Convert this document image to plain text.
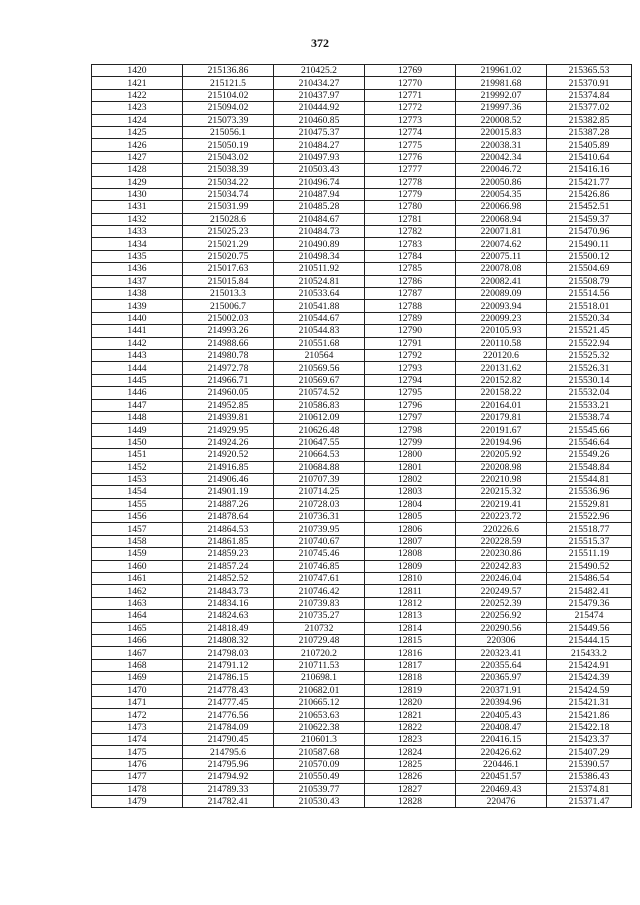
372
1420	215136.86	210425.2	12769	219961.02	215365.53
1421	215121.5	210434.27	12770	219981.68	215370.91
1422	215104.02	210437.97	12771	219992.07	215374.84
1423	215094.02	210444.92	12772	219997.36	215377.02
1424	215073.39	210460.85	12773	220008.52	215382.85
1425	215056.1	210475.37	12774	220015.83	215387.28
1426	215050.19	210484.27	12775	220038.31	215405.89
1427	215043.02	210497.93	12776	220042.34	215410.64
1428	215038.39	210503.43	12777	220046.72	215416.16
1429	215034.22	210496.74	12778	220050.86	215421.77
1430	215034.74	210487.94	12779	220054.35	215426.86
1431	215031.99	210485.28	12780	220066.98	215452.51
1432	215028.6	210484.67	12781	220068.94	215459.37
1433	215025.23	210484.73	12782	220071.81	215470.96
1434	215021.29	210490.89	12783	220074.62	215490.11
1435	215020.75	210498.34	12784	220075.11	215500.12
1436	215017.63	210511.92	12785	220078.08	215504.69
1437	215015.84	210524.81	12786	220082.41	215508.79
1438	215013.3	210533.64	12787	220089.09	215514.56
1439	215006.7	210541.88	12788	220093.94	215518.01
1440	215002.03	210544.67	12789	220099.23	215520.34
1441	214993.26	210544.83	12790	220105.93	215521.45
1442	214988.66	210551.68	12791	220110.58	215522.94
1443	214980.78	210564	12792	220120.6	215525.32
1444	214972.78	210569.56	12793	220131.62	215526.31
1445	214966.71	210569.67	12794	220152.82	215530.14
1446	214960.05	210574.52	12795	220158.22	215532.04
1447	214952.85	210586.83	12796	220164.01	215533.21
1448	214939.81	210612.09	12797	220179.81	215538.74
1449	214929.95	210626.48	12798	220191.67	215545.66
1450	214924.26	210647.55	12799	220194.96	215546.64
1451	214920.52	210664.53	12800	220205.92	215549.26
1452	214916.85	210684.88	12801	220208.98	215548.84
1453	214906.46	210707.39	12802	220210.98	215544.81
1454	214901.19	210714.25	12803	220215.32	215536.96
1455	214887.26	210728.03	12804	220219.41	215529.81
1456	214878.64	210736.31	12805	220223.72	215522.96
1457	214864.53	210739.95	12806	220226.6	215518.77
1458	214861.85	210740.67	12807	220228.59	215515.37
1459	214859.23	210745.46	12808	220230.86	215511.19
1460	214857.24	210746.85	12809	220242.83	215490.52
1461	214852.52	210747.61	12810	220246.04	215486.54
1462	214843.73	210746.42	12811	220249.57	215482.41
1463	214834.16	210739.83	12812	220252.39	215479.36
1464	214824.63	210735.27	12813	220256.92	215474
1465	214818.49	210732	12814	220290.56	215449.56
1466	214808.32	210729.48	12815	220306	215444.15
1467	214798.03	210720.2	12816	220323.41	215433.2
1468	214791.12	210711.53	12817	220355.64	215424.91
1469	214786.15	210698.1	12818	220365.97	215424.39
1470	214778.43	210682.01	12819	220371.91	215424.59
1471	214777.45	210665.12	12820	220394.96	215421.31
1472	214776.56	210653.63	12821	220405.43	215421.86
1473	214784.09	210622.38	12822	220408.47	215422.18
1474	214790.45	210601.3	12823	220416.15	215423.37
1475	214795.6	210587.68	12824	220426.62	215407.29
1476	214795.96	210570.09	12825	220446.1	215390.57
1477	214794.92	210550.49	12826	220451.57	215386.43
1478	214789.33	210539.77	12827	220469.43	215374.81
1479	214782.41	210530.43	12828	220476	215371.47
